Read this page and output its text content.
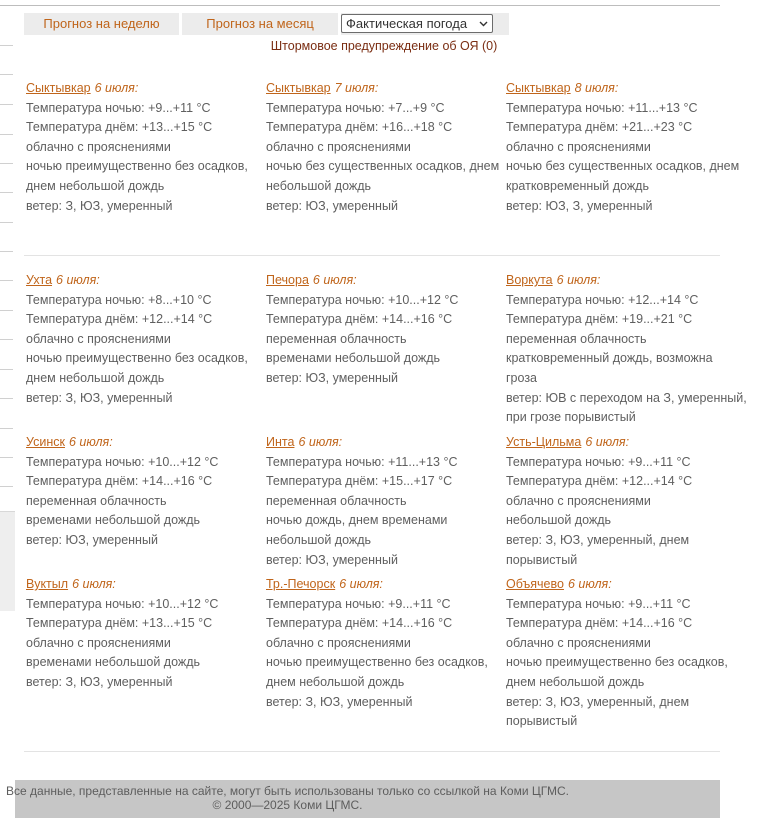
Прогноз на неделю	Прогноз на месяц	Фактическая погода
Штормовое предупреждение об ОЯ (0)
Сыктывкар 6 июля:
Температура ночью: +9...+11 °C
Температура днём: +13...+15 °C
облачно с прояснениями
ночью преимущественно без осадков,
днем небольшой дождь
ветер: З, ЮЗ, умеренный
Сыктывкар 7 июля:
Температура ночью: +7...+9 °C
Температура днём: +16...+18 °C
облачно с прояснениями
ночью без существенных осадков, днем
небольшой дождь
ветер: ЮЗ, умеренный
Сыктывкар 8 июля:
Температура ночью: +11...+13 °C
Температура днём: +21...+23 °C
облачно с прояснениями
ночью без существенных осадков, днем
кратковременный дождь
ветер: ЮЗ, З, умеренный
Ухта 6 июля:
Температура ночью: +8...+10 °C
Температура днём: +12...+14 °C
облачно с прояснениями
ночью преимущественно без осадков,
днем небольшой дождь
ветер: З, ЮЗ, умеренный
Печора 6 июля:
Температура ночью: +10...+12 °C
Температура днём: +14...+16 °C
переменная облачность
временами небольшой дождь
ветер: ЮЗ, умеренный
Воркута 6 июля:
Температура ночью: +12...+14 °C
Температура днём: +19...+21 °C
переменная облачность
кратковременный дождь, возможна
гроза
ветер: ЮВ с переходом на З, умеренный,
при грозе порывистый
Усинск 6 июля:
Температура ночью: +10...+12 °C
Температура днём: +14...+16 °C
переменная облачность
временами небольшой дождь
ветер: ЮЗ, умеренный
Инта 6 июля:
Температура ночью: +11...+13 °C
Температура днём: +15...+17 °C
переменная облачность
ночью дождь, днем временами
небольшой дождь
ветер: ЮЗ, умеренный
Усть-Цильма 6 июля:
Температура ночью: +9...+11 °C
Температура днём: +12...+14 °C
облачно с прояснениями
небольшой дождь
ветер: З, ЮЗ, умеренный, днем
порывистый
Вуктыл 6 июля:
Температура ночью: +10...+12 °C
Температура днём: +13...+15 °C
облачно с прояснениями
временами небольшой дождь
ветер: З, ЮЗ, умеренный
Тр.-Печорск 6 июля:
Температура ночью: +9...+11 °C
Температура днём: +14...+16 °C
облачно с прояснениями
ночью преимущественно без осадков,
днем небольшой дождь
ветер: З, ЮЗ, умеренный
Объячево 6 июля:
Температура ночью: +9...+11 °C
Температура днём: +14...+16 °C
облачно с прояснениями
ночью преимущественно без осадков,
днем небольшой дождь
ветер: З, ЮЗ, умеренный, днем
порывистый
Все данные, представленные на сайте, могут быть использованы только со ссылкой на Коми ЦГМС.
© 2000—2025 Коми ЦГМС.
